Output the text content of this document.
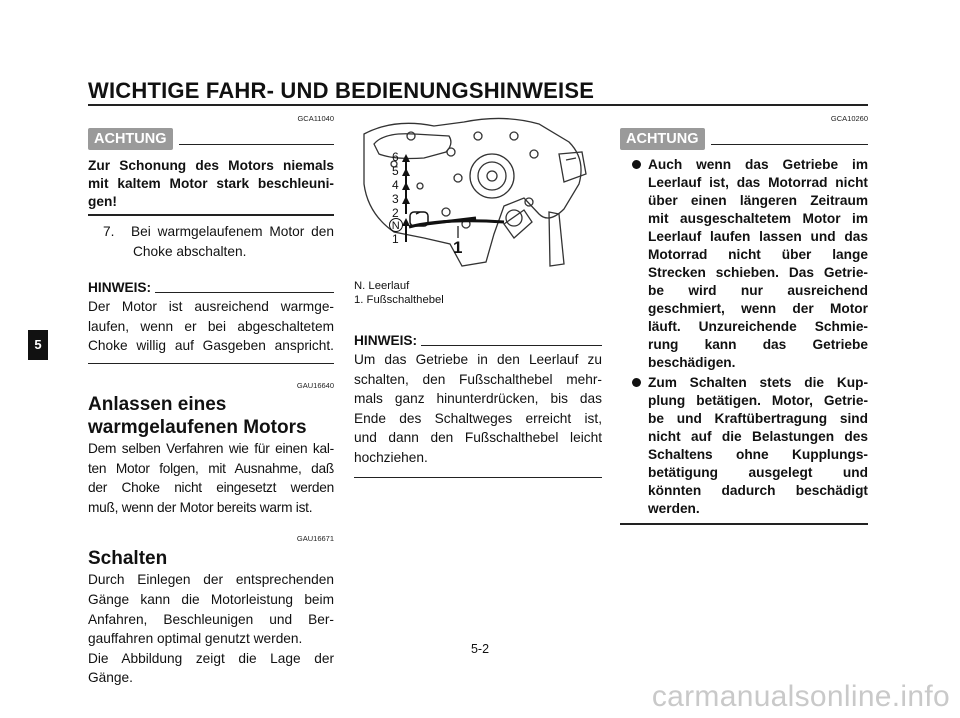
WICHTIGE FAHR- UND BEDIENUNGSHINWEISE
5
GCA11040
ACHTUNG
Zur Schonung des Motors niemals
mit kaltem Motor stark beschleuni-
gen!
7.	Bei warmgelaufenem Motor den
Choke abschalten.
HINWEIS:
Der Motor ist ausreichend warmge-
laufen, wenn er bei abgeschaltetem
Choke willig auf Gasgeben anspricht.
GAU16640
Anlassen eines
warmgelaufenen Motors
Dem selben Verfahren wie für einen kal-
ten Motor folgen, mit Ausnahme, daß
der Choke nicht eingesetzt werden
muß, wenn der Motor bereits warm ist.
GAU16671
Schalten
Durch Einlegen der entsprechenden
Gänge kann die Motorleistung beim
Anfahren, Beschleunigen und Ber-
gauffahren optimal genutzt werden.
Die Abbildung zeigt die Lage der
Gänge.
6
5
4
3
2
N
1	1
N. Leerlauf
1. Fußschalthebel
HINWEIS:
Um das Getriebe in den Leerlauf zu
schalten, den Fußschalthebel mehr-
mals ganz hinunterdrücken, bis das
Ende des Schaltweges erreicht ist,
und dann den Fußschalthebel leicht
hochziehen.
GCA10260
ACHTUNG
Auch wenn das Getriebe im
Leerlauf ist, das Motorrad nicht
über einen längeren Zeitraum
mit ausgeschaltetem Motor im
Leerlauf laufen lassen und das
Motorrad nicht über lange
Strecken schieben. Das Getrie-
be wird nur ausreichend
geschmiert, wenn der Motor
läuft. Unzureichende Schmie-
rung kann das Getriebe
beschädigen.
Zum Schalten stets die Kup-
plung betätigen. Motor, Getrie-
be und Kraftübertragung sind
nicht auf die Belastungen des
Schaltens ohne Kupplungs-
betätigung ausgelegt und
könnten dadurch beschädigt
werden.
5-2
carmanualsonline.info
